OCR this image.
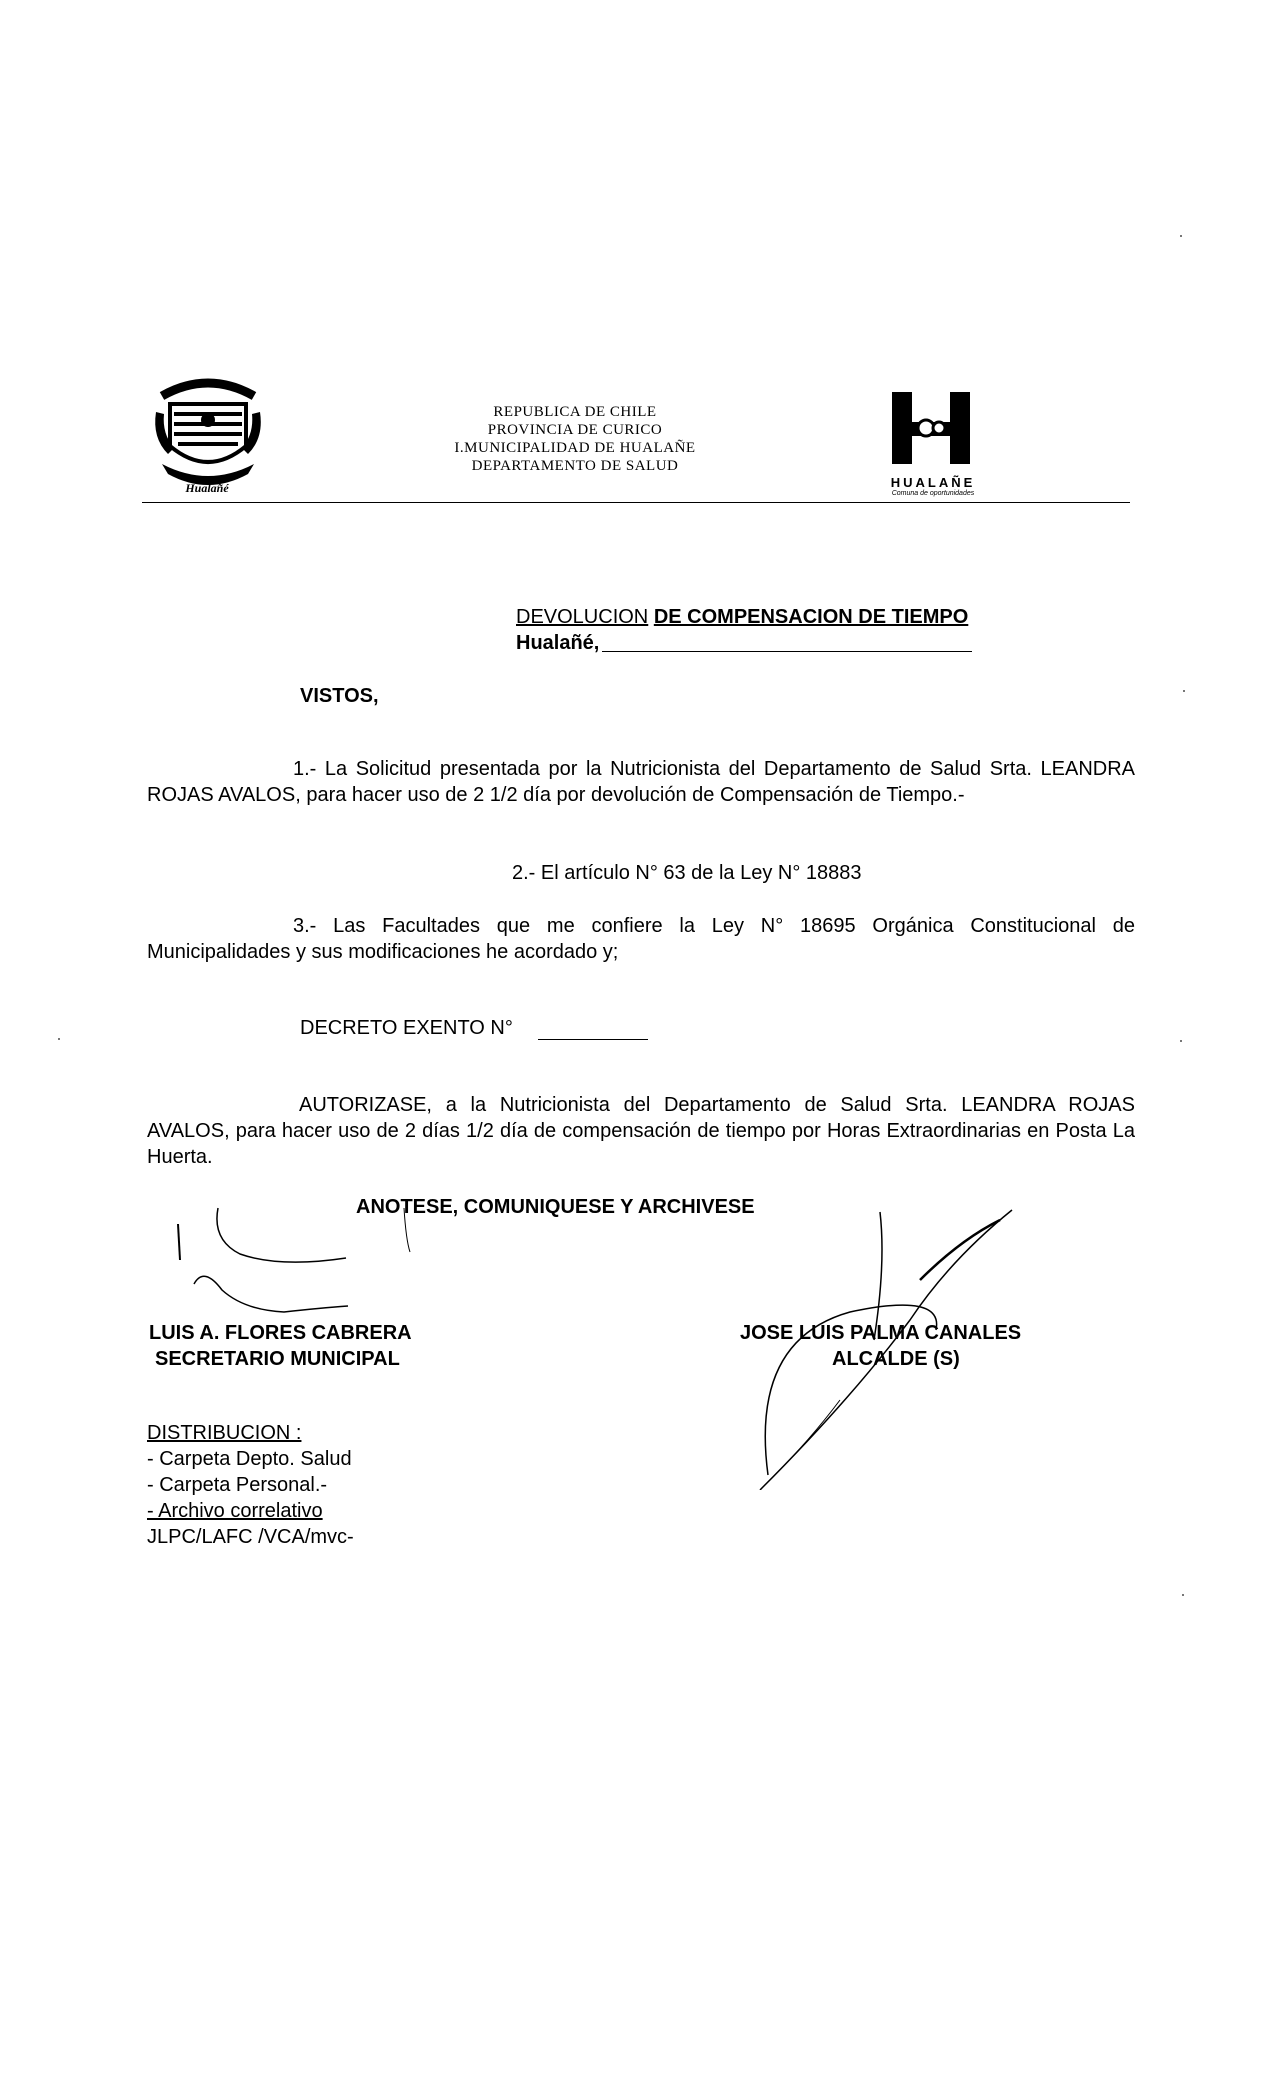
Hualañé
REPUBLICA DE CHILE
PROVINCIA DE CURICO
I.MUNICIPALIDAD DE HUALAÑE
DEPARTAMENTO DE SALUD
HUALAÑE
Comuna de oportunidades
DEVOLUCION DE COMPENSACION DE TIEMPO
Hualañé,
VISTOS,
1.- La Solicitud presentada por la Nutricionista del Departamento de Salud Srta. LEANDRA ROJAS AVALOS, para hacer uso de 2 1/2 día por devolución de Compensación de Tiempo.-
2.- El artículo N° 63 de la Ley N° 18883
3.- Las Facultades que me confiere la Ley N° 18695 Orgánica Constitucional de Municipalidades y sus modificaciones he acordado y;
DECRETO EXENTO N°
AUTORIZASE, a la Nutricionista del Departamento de Salud Srta. LEANDRA ROJAS AVALOS, para hacer uso de 2 días 1/2 día de compensación de tiempo por Horas Extraordinarias en Posta La Huerta.
ANOTESE, COMUNIQUESE Y ARCHIVESE
LUIS A. FLORES CABRERA
SECRETARIO MUNICIPAL
JOSE LUIS PALMA CANALES
ALCALDE (S)
DISTRIBUCION :
- Carpeta Depto. Salud
- Carpeta Personal.-
- Archivo correlativo
JLPC/LAFC /VCA/mvc-
